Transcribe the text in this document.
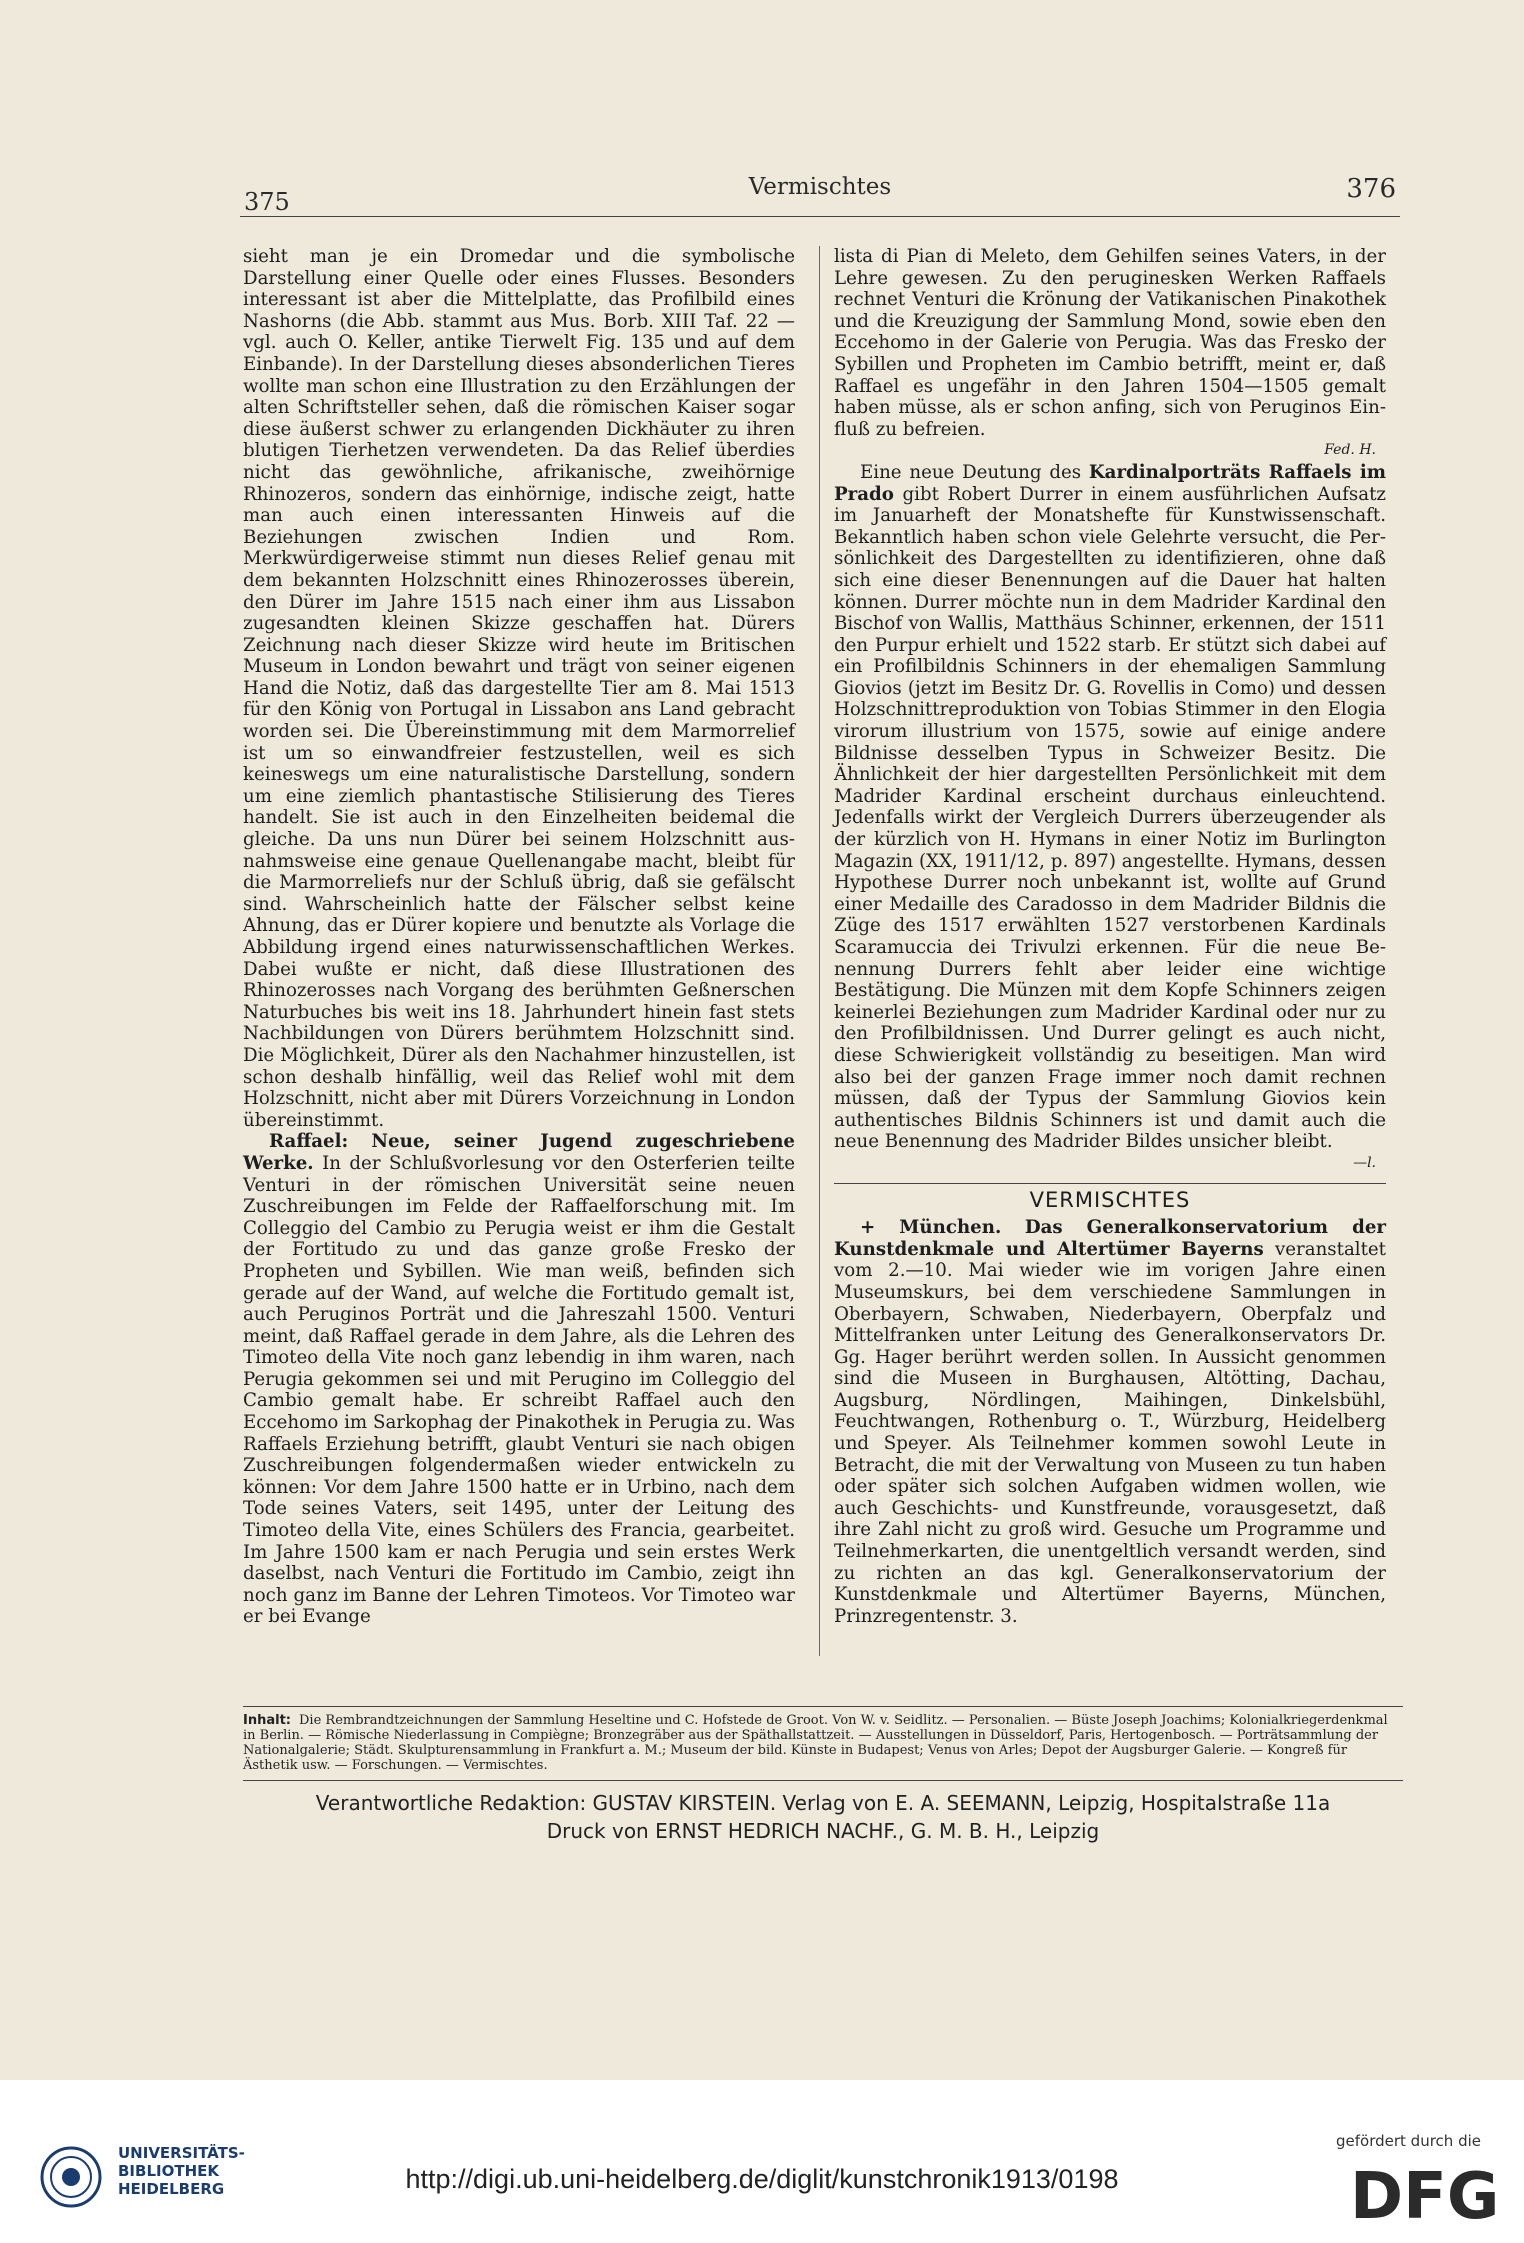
375
Vermischtes	376

sieht man je ein Dromedar und die symbolische Darstellung einer Quelle oder eines Flusses. Besonders interessant ist aber die Mittelplatte, das Profilbild eines Nashorns (die Abb. stammt aus Mus. Borb. XIII Taf. 22 — vgl. auch O. Keller, antike Tierwelt Fig. 135 und auf dem Einbande). In der Darstellung dieses absonderlichen Tieres wollte man schon eine Illustration zu den Erzählungen der alten Schriftsteller sehen, daß die römischen Kaiser sogar diese äußerst schwer zu erlangenden Dickhäuter zu ihren blutigen Tierhetzen verwendeten. Da das Relief überdies nicht das gewöhnliche, afrikanische, zweihörnige Rhinozeros, sondern das einhörnige, indische zeigt, hatte man auch einen interessanten Hinweis auf die Beziehungen zwischen Indien und Rom. Merkwürdigerweise stimmt nun dieses Relief genau mit dem bekannten Holzschnitt eines Rhinozerosses überein, den Dürer im Jahre 1515 nach einer ihm aus Lissabon zugesandten kleinen Skizze geschaffen hat. Dürers Zeichnung nach dieser Skizze wird heute im Britischen Museum in London bewahrt und trägt von seiner eigenen Hand die Notiz, daß das dargestellte Tier am 8. Mai 1513 für den König von Portugal in Lissabon ans Land gebracht worden sei. Die Übereinstimmung mit dem Marmorrelief ist um so einwandfreier festzustellen, weil es sich keineswegs um eine naturalistische Darstellung, sondern um eine ziemlich phantastische Stilisierung des Tieres handelt. Sie ist auch in den Einzelheiten beidemal die gleiche. Da uns nun Dürer bei seinem Holzschnitt ausnahmsweise eine genaue Quellenangabe macht, bleibt für die Marmorreliefs nur der Schluß übrig, daß sie gefälscht sind. Wahrscheinlich hatte der Fälscher selbst keine Ahnung, das er Dürer kopiere und benutzte als Vorlage die Abbildung irgend eines naturwissenschaftlichen Werkes. Dabei wußte er nicht, daß diese Illustrationen des Rhinozerosses nach Vorgang des berühmten Geßnerschen Naturbuches bis weit ins 18. Jahrhundert hinein fast stets Nachbildungen von Dürers berühmtem Holzschnitt sind. Die Möglichkeit, Dürer als den Nachahmer hinzustellen, ist schon deshalb hinfällig, weil das Relief wohl mit dem Holzschnitt, nicht aber mit Dürers Vorzeichnung in London übereinstimmt.

Raffael: Neue, seiner Jugend zugeschriebene Werke. In der Schlußvorlesung vor den Osterferien teilte Venturi in der römischen Universität seine neuen Zuschreibungen im Felde der Raffaelforschung mit. Im Colleggio del Cambio zu Perugia weist er ihm die Gestalt der Fortitudo zu und das ganze große Fresko der Propheten und Sybillen. Wie man weiß, befinden sich gerade auf der Wand, auf welche die Fortitudo gemalt ist, auch Peruginos Porträt und die Jahreszahl 1500. Venturi meint, daß Raffael gerade in dem Jahre, als die Lehren des Timoteo della Vite noch ganz lebendig in ihm waren, nach Perugia gekommen sei und mit Perugino im Colleggio del Cambio gemalt habe. Er schreibt Raffael auch den Eccehomo im Sarkophag der Pinakothek in Perugia zu. Was Raffaels Erziehung betrifft, glaubt Venturi sie nach obigen Zuschreibungen folgendermaßen wieder entwickeln zu können: Vor dem Jahre 1500 hatte er in Urbino, nach dem Tode seines Vaters, seit 1495, unter der Leitung des Timoteo della Vite, eines Schülers des Francia, gearbeitet. Im Jahre 1500 kam er nach Perugia und sein erstes Werk daselbst, nach Venturi die Fortitudo im Cambio, zeigt ihn noch ganz im Banne der Lehren Timoteos. Vor Timoteo war er bei Evange

lista di Pian di Meleto, dem Gehilfen seines Vaters, in der Lehre gewesen. Zu den peruginesken Werken Raffaels rechnet Venturi die Krönung der Vatikanischen Pinakothek und die Kreuzigung der Sammlung Mond, sowie eben den Eccehomo in der Galerie von Perugia. Was das Fresko der Sybillen und Propheten im Cambio betrifft, meint er, daß Raffael es ungefähr in den Jahren 1504—1505 gemalt haben müsse, als er schon anfing, sich von Peruginos Einfluß zu befreien.

Fed. H.

Eine neue Deutung des Kardinalporträts Raffaels im Prado gibt Robert Durrer in einem ausführlichen Aufsatz im Januarheft der Monatshefte für Kunstwissenschaft. Bekanntlich haben schon viele Gelehrte versucht, die Persönlichkeit des Dargestellten zu identifizieren, ohne daß sich eine dieser Benennungen auf die Dauer hat halten können. Durrer möchte nun in dem Madrider Kardinal den Bischof von Wallis, Matthäus Schinner, erkennen, der 1511 den Purpur erhielt und 1522 starb. Er stützt sich dabei auf ein Profilbildnis Schinners in der ehemaligen Sammlung Giovios (jetzt im Besitz Dr. G. Rovellis in Como) und dessen Holzschnittreproduktion von Tobias Stimmer in den Elogia virorum illustrium von 1575, sowie auf einige andere Bildnisse desselben Typus in Schweizer Besitz. Die Ähnlichkeit der hier dargestellten Persönlichkeit mit dem Madrider Kardinal erscheint durchaus einleuchtend. Jedenfalls wirkt der Vergleich Durrers überzeugender als der kürzlich von H. Hymans in einer Notiz im Burlington Magazin (XX, 1911/12, p. 897) angestellte. Hymans, dessen Hypothese Durrer noch unbekannt ist, wollte auf Grund einer Medaille des Caradosso in dem Madrider Bildnis die Züge des 1517 erwählten 1527 verstorbenen Kardinals Scaramuccia dei Trivulzi erkennen. Für die neue Benennung Durrers fehlt aber leider eine wichtige Bestätigung. Die Münzen mit dem Kopfe Schinners zeigen keinerlei Beziehungen zum Madrider Kardinal oder nur zu den Profilbildnissen. Und Durrer gelingt es auch nicht, diese Schwierigkeit vollständig zu beseitigen. Man wird also bei der ganzen Frage immer noch damit rechnen müssen, daß der Typus der Sammlung Giovios kein authentisches Bildnis Schinners ist und damit auch die neue Benennung des Madrider Bildes unsicher bleibt.

—l.
VERMISCHTES

+ München. Das Generalkonservatorium der Kunstdenkmale und Altertümer Bayerns veranstaltet vom 2.—10. Mai wieder wie im vorigen Jahre einen Museumskurs, bei dem verschiedene Sammlungen in Oberbayern, Schwaben, Niederbayern, Oberpfalz und Mittelfranken unter Leitung des Generalkonservators Dr. Gg. Hager berührt werden sollen. In Aussicht genommen sind die Museen in Burghausen, Altötting, Dachau, Augsburg, Nördlingen, Maihingen, Dinkelsbühl, Feuchtwangen, Rothenburg o. T., Würzburg, Heidelberg und Speyer. Als Teilnehmer kommen sowohl Leute in Betracht, die mit der Verwaltung von Museen zu tun haben oder später sich solchen Aufgaben widmen wollen, wie auch Geschichts- und Kunstfreunde, vorausgesetzt, daß ihre Zahl nicht zu groß wird. Gesuche um Programme und Teilnehmerkarten, die unentgeltlich versandt werden, sind zu richten an das kgl. Generalkonservatorium der Kunstdenkmale und Altertümer Bayerns, München, Prinzregentenstr. 3.

Inhalt: Die Rembrandtzeichnungen der Sammlung Heseltine und C. Hofstede de Groot. Von W. v. Seidlitz. — Personalien. — Büste Joseph Joachims; Kolonialkriegerdenkmal in Berlin. — Römische Niederlassung in Compiègne; Bronzegräber aus der Späthallstattzeit. — Ausstellungen in Düsseldorf, Paris, Hertogenbosch. — Porträtsammlung der Nationalgalerie; Städt. Skulpturensammlung in Frankfurt a. M.; Museum der bild. Künste in Budapest; Venus von Arles; Depot der Augsburger Galerie. — Kongreß für Ästhetik usw. — Forschungen. — Vermischtes.
Verantwortliche Redaktion: GUSTAV KIRSTEIN. Verlag von E. A. SEEMANN, Leipzig, Hospitalstraße 11a
Druck von ERNST HEDRICH NACHF., G. M. B. H., Leipzig
UNIVERSITÄTS-
BIBLIOTHEK
HEIDELBERG	http://digi.ub.uni-heidelberg.de/diglit/kunstchronik1913/0198
gefördert durch die
DFG
